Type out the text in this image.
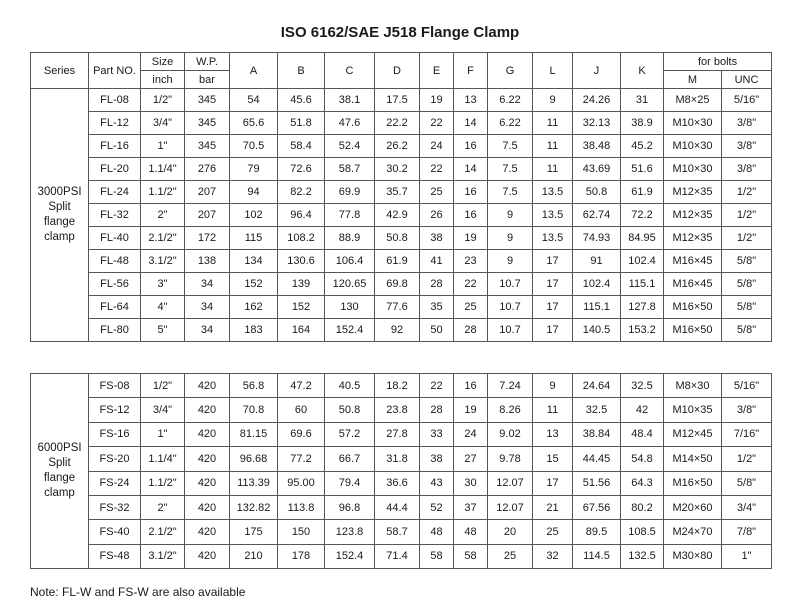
ISO 6162/SAE J518 Flange Clamp
Series	Part NO.	Size	W.P.	A	B	C	D	E	F	G	L	J	K	for bolts	
		inch	bar											M	UNC
3000PSI
Split
flange
clamp	FL-08	1/2"	345	54	45.6	38.1	17.5	19	13	6.22	9	24.26	31	M8×25	5/16"
	FL-12	3/4"	345	65.6	51.8	47.6	22.2	22	14	6.22	11	32.13	38.9	M10×30	3/8"
	FL-16	1"	345	70.5	58.4	52.4	26.2	24	16	7.5	11	38.48	45.2	M10×30	3/8"
	FL-20	1.1/4"	276	79	72.6	58.7	30.2	22	14	7.5	11	43.69	51.6	M10×30	3/8"
	FL-24	1.1/2"	207	94	82.2	69.9	35.7	25	16	7.5	13.5	50.8	61.9	M12×35	1/2"
	FL-32	2"	207	102	96.4	77.8	42.9	26	16	9	13.5	62.74	72.2	M12×35	1/2"
	FL-40	2.1/2"	172	115	108.2	88.9	50.8	38	19	9	13.5	74.93	84.95	M12×35	1/2"
	FL-48	3.1/2"	138	134	130.6	106.4	61.9	41	23	9	17	91	102.4	M16×45	5/8"
	FL-56	3"	34	152	139	120.65	69.8	28	22	10.7	17	102.4	115.1	M16×45	5/8"
	FL-64	4"	34	162	152	130	77.6	35	25	10.7	17	115.1	127.8	M16×50	5/8"
	FL-80	5"	34	183	164	152.4	92	50	28	10.7	17	140.5	153.2	M16×50	5/8"
6000PSI
Split
flange
clamp	FS-08	1/2"	420	56.8	47.2	40.5	18.2	22	16	7.24	9	24.64	32.5	M8×30	5/16"
	FS-12	3/4"	420	70.8	60	50.8	23.8	28	19	8.26	11	32.5	42	M10×35	3/8"
	FS-16	1"	420	81.15	69.6	57.2	27.8	33	24	9.02	13	38.84	48.4	M12×45	7/16"
	FS-20	1.1/4"	420	96.68	77.2	66.7	31.8	38	27	9.78	15	44.45	54.8	M14×50	1/2"
	FS-24	1.1/2"	420	113.39	95.00	79.4	36.6	43	30	12.07	17	51.56	64.3	M16×50	5/8"
	FS-32	2"	420	132.82	113.8	96.8	44.4	52	37	12.07	21	67.56	80.2	M20×60	3/4"
	FS-40	2.1/2"	420	175	150	123.8	58.7	48	48	20	25	89.5	108.5	M24×70	7/8"
	FS-48	3.1/2"	420	210	178	152.4	71.4	58	58	25	32	114.5	132.5	M30×80	1"
Note: FL-W and FS-W are also available
